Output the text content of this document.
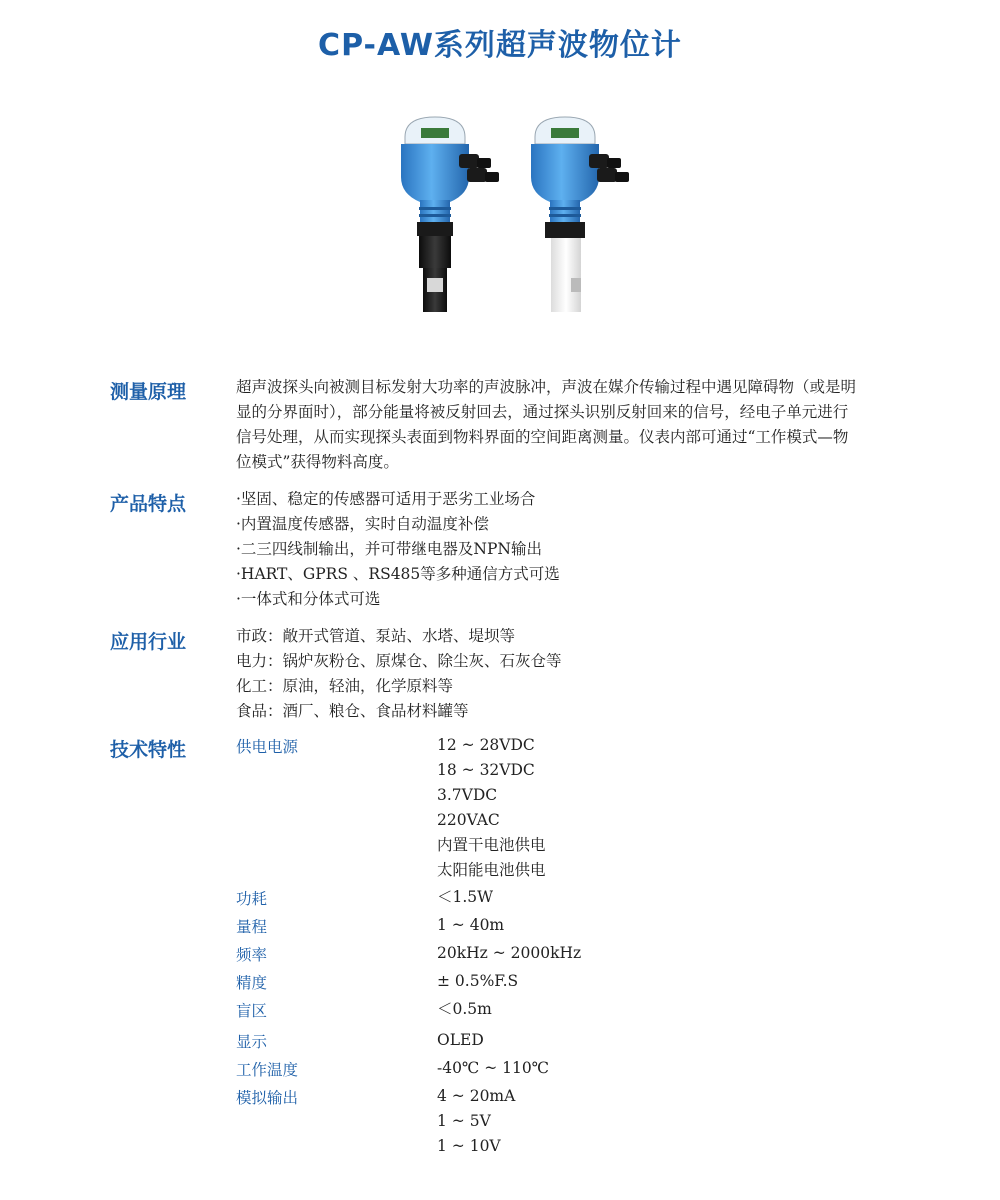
CP-AW系列超声波物位计
测量原理	超声波探头向被测目标发射大功率的声波脉冲，声波在媒介传输过程中遇见障碍物（或是明
显的分界面时），部分能量将被反射回去，通过探头识别反射回来的信号，经电子单元进行
信号处理，从而实现探头表面到物料界面的空间距离测量。仪表内部可通过“工作模式—物
位模式”获得物料高度。
产品特点	·坚固、稳定的传感器可适用于恶劣工业场合
·内置温度传感器，实时自动温度补偿
·二三四线制输出，并可带继电器及NPN输出
·HART、GPRS 、RS485等多种通信方式可选
·一体式和分体式可选
应用行业	市政：敞开式管道、泵站、水塔、堤坝等
电力：锅炉灰粉仓、原煤仓、除尘灰、石灰仓等
化工：原油，轻油，化学原料等
食品：酒厂、粮仓、食品材料罐等
技术特性	供电电源	12 ~ 28VDC
18 ~ 32VDC
3.7VDC
220VAC
内置干电池供电
太阳能电池供电
功耗	＜1.5W
量程	1 ~ 40m
频率	20kHz ~ 2000kHz
精度	± 0.5%F.S
盲区	＜0.5m
显示	OLED
工作温度	-40℃ ~ 110℃
模拟输出	4 ~ 20mA
1 ~ 5V
1 ~ 10V
